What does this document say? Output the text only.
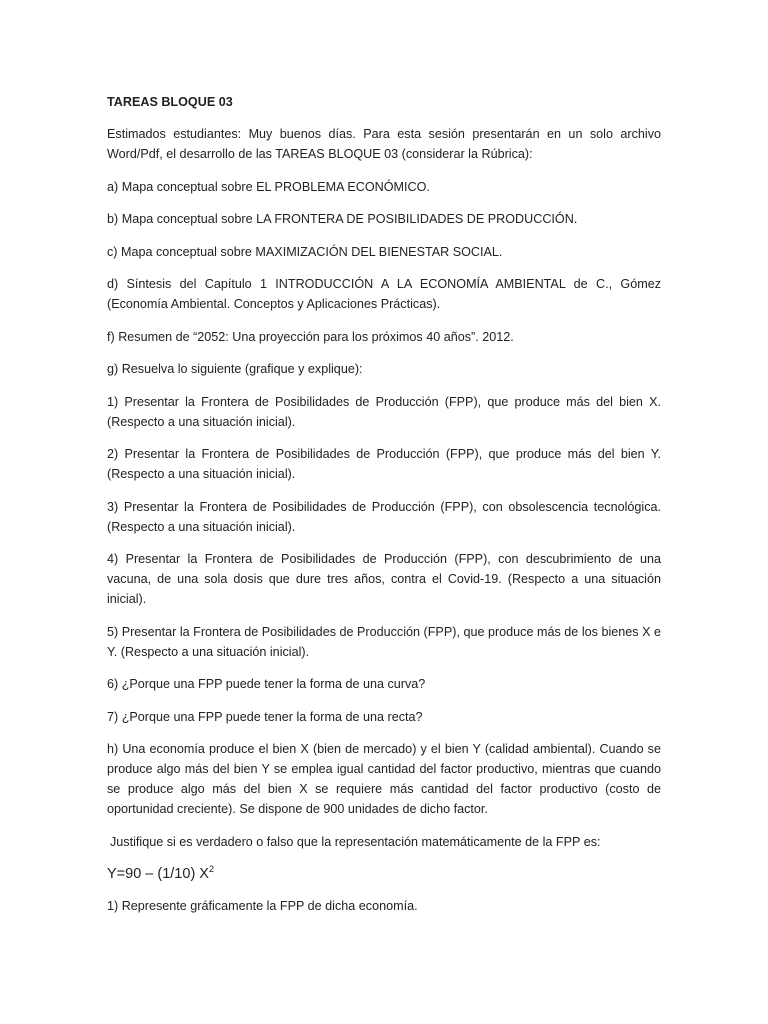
TAREAS BLOQUE 03
Estimados estudiantes: Muy buenos días. Para esta sesión presentarán en un solo archivo Word/Pdf, el desarrollo de las TAREAS BLOQUE 03 (considerar la Rúbrica):
a) Mapa conceptual sobre EL PROBLEMA ECONÓMICO.
b) Mapa conceptual sobre LA FRONTERA DE POSIBILIDADES DE PRODUCCIÓN.
c) Mapa conceptual sobre MAXIMIZACIÓN DEL BIENESTAR SOCIAL.
d) Síntesis del Capítulo 1 INTRODUCCIÓN A LA ECONOMÍA AMBIENTAL de C., Gómez (Economía Ambiental. Conceptos y Aplicaciones Prácticas).
f) Resumen de “2052: Una proyección para los próximos 40 años”. 2012.
g) Resuelva lo siguiente (grafique y explique):
1) Presentar la Frontera de Posibilidades de Producción (FPP), que produce más del bien X. (Respecto a una situación inicial).
2) Presentar la Frontera de Posibilidades de Producción (FPP), que produce más del bien Y. (Respecto a una situación inicial).
3) Presentar la Frontera de Posibilidades de Producción (FPP), con obsolescencia tecnológica. (Respecto a una situación inicial).
4) Presentar la Frontera de Posibilidades de Producción (FPP), con descubrimiento de una vacuna, de una sola dosis que dure tres años, contra el Covid-19. (Respecto a una situación inicial).
5) Presentar la Frontera de Posibilidades de Producción (FPP), que produce más de los bienes X e Y. (Respecto a una situación inicial).
6) ¿Porque una FPP puede tener la forma de una curva?
7) ¿Porque una FPP puede tener la forma de una recta?
h) Una economía produce el bien X (bien de mercado) y el bien Y (calidad ambiental). Cuando se produce algo más del bien Y se emplea igual cantidad del factor productivo, mientras que cuando se produce algo más del bien X se requiere más cantidad del factor productivo (costo de oportunidad creciente). Se dispone de 900 unidades de dicho factor.
Justifique si es verdadero o falso que la representación matemáticamente de la FPP es:
Y=90 – (1/10) $X^2$
1) Represente gráficamente la FPP de dicha economía.
